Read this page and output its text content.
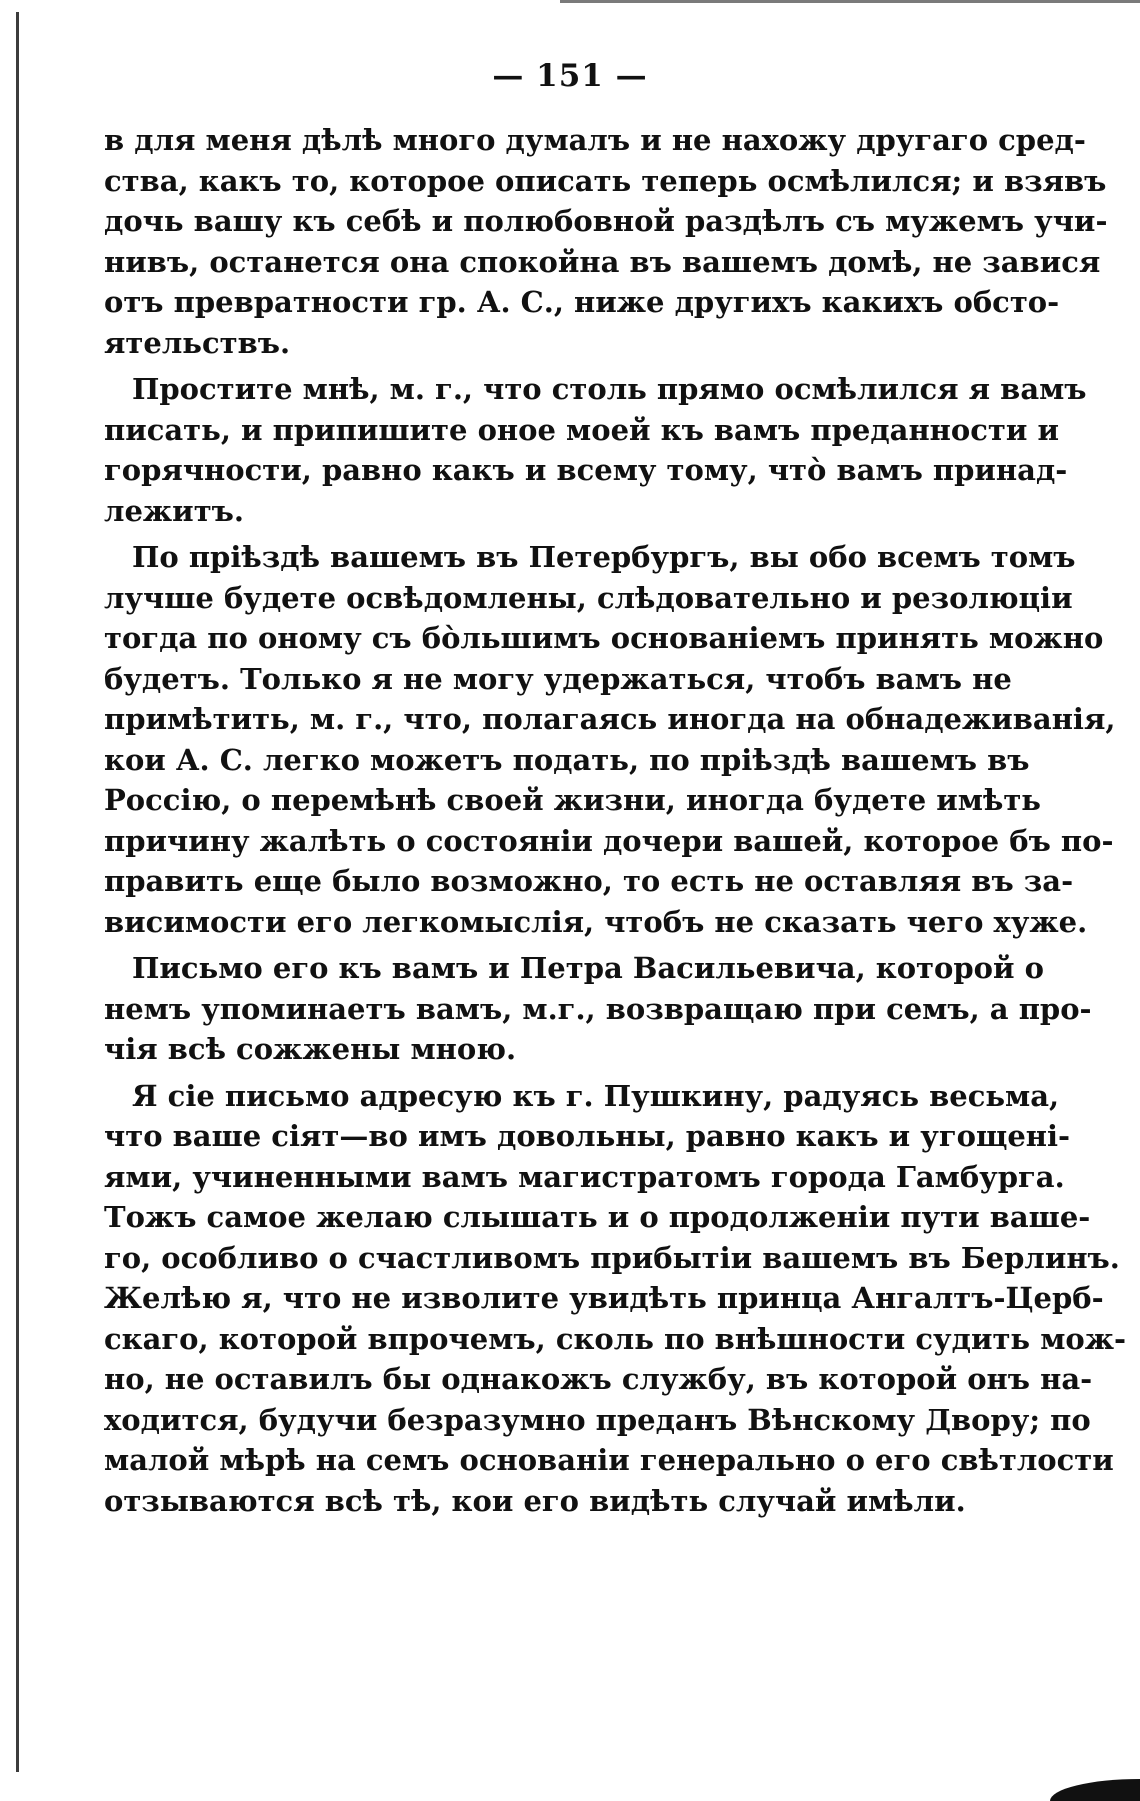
— 151 —
в для меня дѣлѣ много думалъ и не нахожу другаго сред-
ства, какъ то, которое описать теперь осмѣлился; и взявъ
дочь вашу къ себѣ и полюбовной раздѣлъ съ мужемъ учи-
нивъ, останется она спокойна въ вашемъ домѣ, не завися
отъ превратности гр. А. С., ниже другихъ какихъ обсто-
ятельствъ.
Простите мнѣ, м. г., что столь прямо осмѣлился я вамъ
писать, и припишите оное моей къ вамъ преданности и
горячности, равно какъ и всему тому, что̀ вамъ принад-
лежитъ.
По пріѣздѣ вашемъ въ Петербургъ, вы обо всемъ томъ
лучше будете освѣдомлены, слѣдовательно и резолюціи
тогда по оному съ бо̀льшимъ основаніемъ принять можно
будетъ. Только я не могу удержаться, чтобъ вамъ не
примѣтить, м. г., что, полагаясь иногда на обнадеживанія,
кои А. С. легко можетъ подать, по пріѣздѣ вашемъ въ
Россію, о перемѣнѣ своей жизни, иногда будете имѣть
причину жалѣть о состояніи дочери вашей, которое бъ по-
править еще было возможно, то есть не оставляя въ за-
висимости его легкомыслія, чтобъ не сказать чего хуже.
Письмо его къ вамъ и Петра Васильевича, которой о
немъ упоминаетъ вамъ, м.г., возвращаю при семъ, а про-
чія всѣ сожжены мною.
Я сіе письмо адресую къ г. Пушкину, радуясь весьма,
что ваше сіят—во имъ довольны, равно какъ и угощені-
ями, учиненными вамъ магистратомъ города Гамбурга.
Тожъ самое желаю слышать и о продолженіи пути ваше-
го, особливо о счастливомъ прибытіи вашемъ въ Берлинъ.
Желѣю я, что не изволите увидѣть принца Ангалтъ-Церб-
скаго, которой впрочемъ, сколь по внѣшности судить мож-
но, не оставилъ бы однакожъ службу, въ которой онъ на-
ходится, будучи безразумно преданъ Вѣнскому Двору; по
малой мѣрѣ на семъ основаніи генерально о его свѣтлости
отзываются всѣ тѣ, кои его видѣть случай имѣли.
